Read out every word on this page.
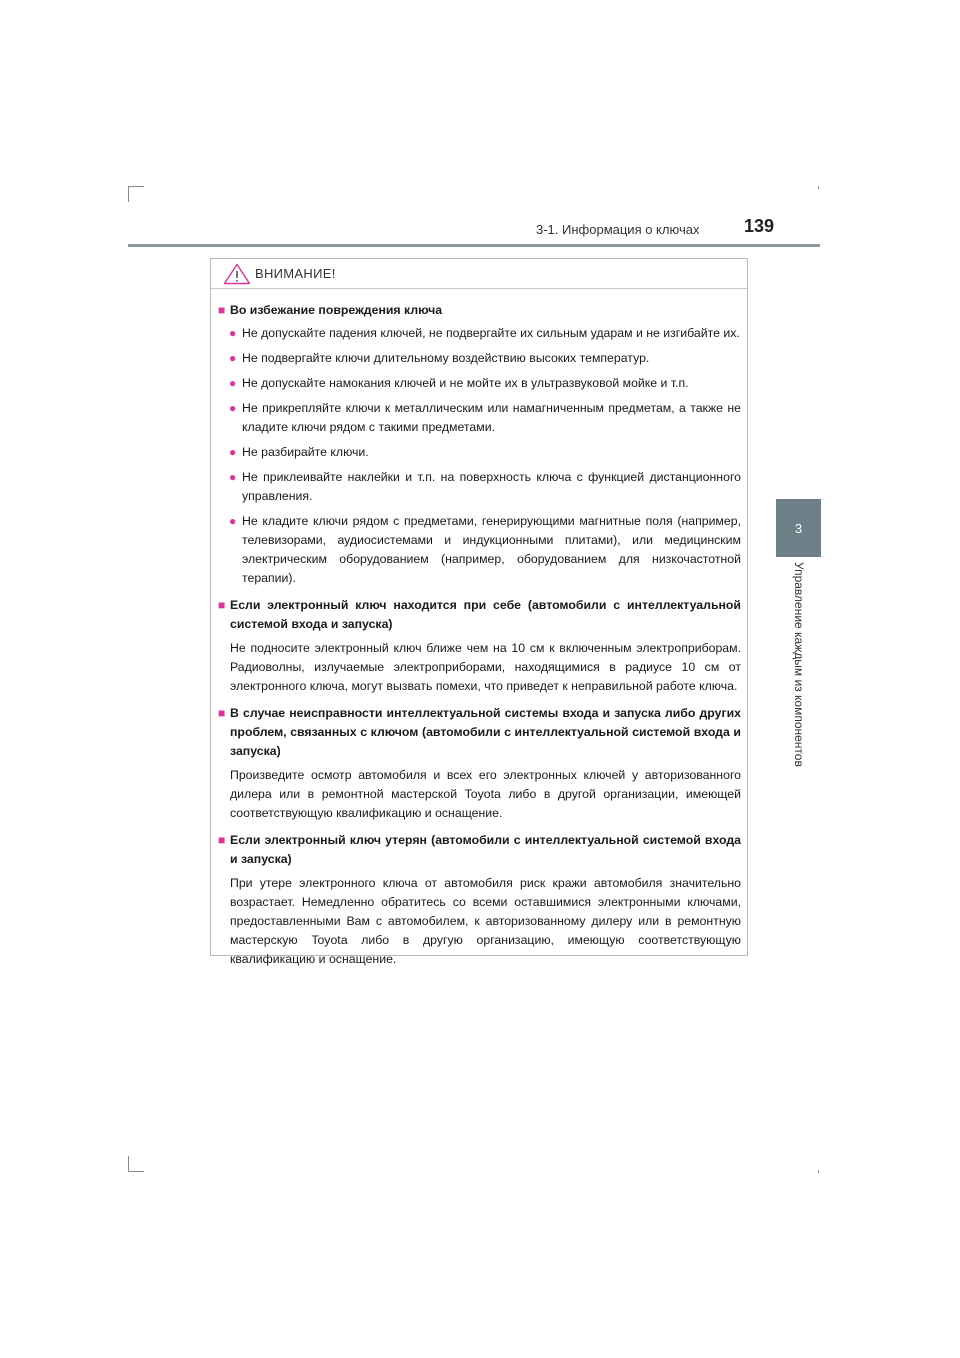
3-1. Информация о ключах 139
3
Управление каждым из компонентов
ВНИМАНИЕ!
■ Во избежание повреждения ключа
● Не допускайте падения ключей, не подвергайте их сильным ударам и не изгибайте их.
● Не подвергайте ключи длительному воздействию высоких температур.
● Не допускайте намокания ключей и не мойте их в ультразвуковой мойке и т.п.
● Не прикрепляйте ключи к металлическим или намагниченным предметам, а также не кладите ключи рядом с такими предметами.
● Не разбирайте ключи.
● Не приклеивайте наклейки и т.п. на поверхность ключа с функцией дистанционного управления.
● Не кладите ключи рядом с предметами, генерирующими магнитные поля (например, телевизорами, аудиосистемами и индукционными плитами), или медицинским электрическим оборудованием (например, оборудованием для низкочастотной терапии).
■ Если электронный ключ находится при себе (автомобили с интеллектуальной системой входа и запуска)
Не подносите электронный ключ ближе чем на 10 см к включенным электроприборам. Радиоволны, излучаемые электроприборами, находящимися в радиусе 10 см от электронного ключа, могут вызвать помехи, что приведет к неправильной работе ключа.
■ В случае неисправности интеллектуальной системы входа и запуска либо других проблем, связанных с ключом (автомобили с интеллектуальной системой входа и запуска)
Произведите осмотр автомобиля и всех его электронных ключей у авторизованного дилера или в ремонтной мастерской Toyota либо в другой организации, имеющей соответствующую квалификацию и оснащение.
■ Если электронный ключ утерян (автомобили с интеллектуальной системой входа и запуска)
При утере электронного ключа от автомобиля риск кражи автомобиля значительно возрастает. Немедленно обратитесь со всеми оставшимися электронными ключами, предоставленными Вам с автомобилем, к авторизованному дилеру или в ремонтную мастерскую Toyota либо в другую организацию, имеющую соответствующую квалификацию и оснащение.
